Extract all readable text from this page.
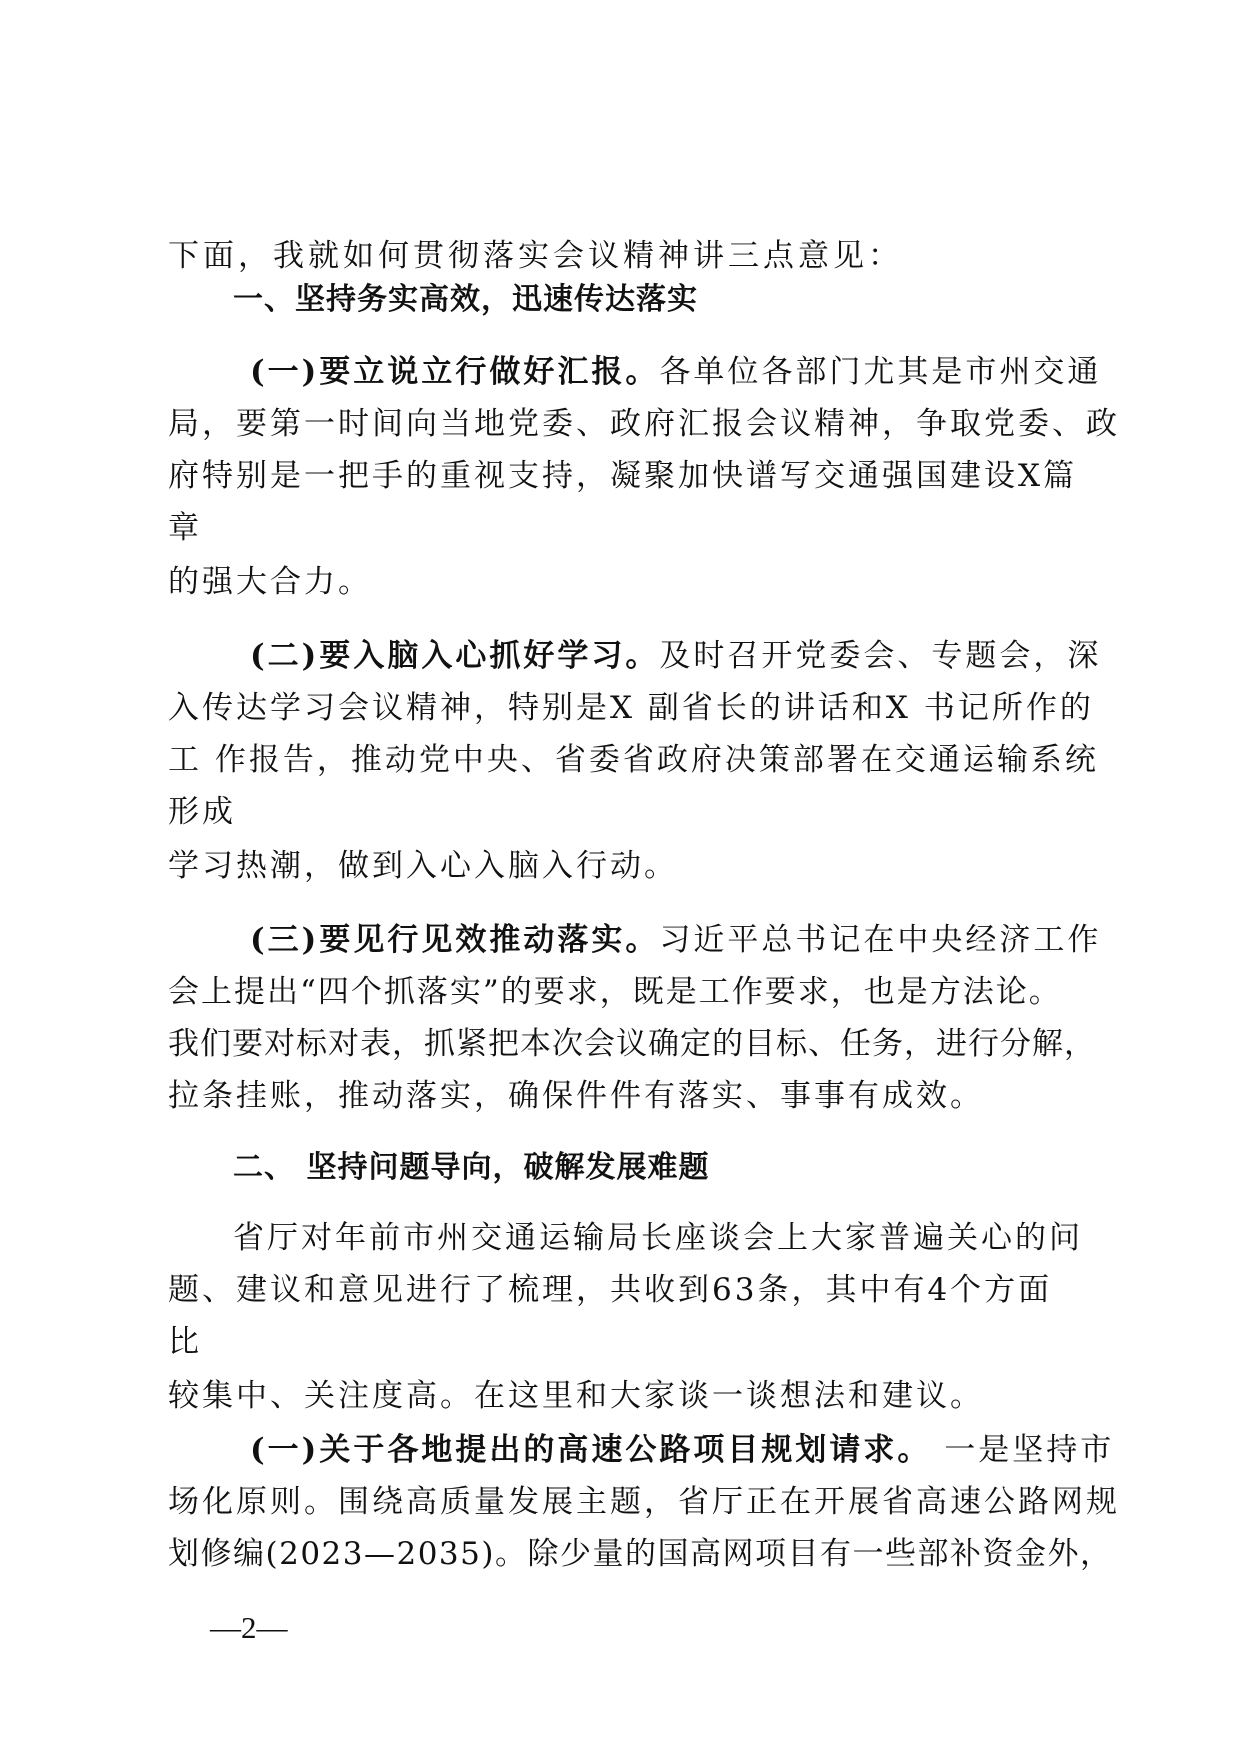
下面，我就如何贯彻落实会议精神讲三点意见：
一、坚持务实高效，迅速传达落实
(一)要立说立行做好汇报。各单位各部门尤其是市州交通
局，要第一时间向当地党委、政府汇报会议精神，争取党委、政
府特别是一把手的重视支持，凝聚加快谱写交通强国建设X篇
章
的强大合力。
(二)要入脑入心抓好学习。及时召开党委会、专题会，深
入传达学习会议精神，特别是X 副省长的讲话和X 书记所作的
工 作报告，推动党中央、省委省政府决策部署在交通运输系统
形成
学习热潮，做到入心入脑入行动。
(三)要见行见效推动落实。习近平总书记在中央经济工作
会上提出“四个抓落实”的要求，既是工作要求，也是方法论。
我们要对标对表，抓紧把本次会议确定的目标、任务，进行分解，
拉条挂账，推动落实，确保件件有落实、事事有成效。
二、 坚持问题导向，破解发展难题
省厅对年前市州交通运输局长座谈会上大家普遍关心的问
题、建议和意见进行了梳理，共收到63条，其中有4个方面
比
较集中、关注度高。在这里和大家谈一谈想法和建议。
(一)关于各地提出的高速公路项目规划请求。 一是坚持市
场化原则。围绕高质量发展主题，省厅正在开展省高速公路网规
划修编(2023—2035)。除少量的国高网项目有一些部补资金外，
—2—
